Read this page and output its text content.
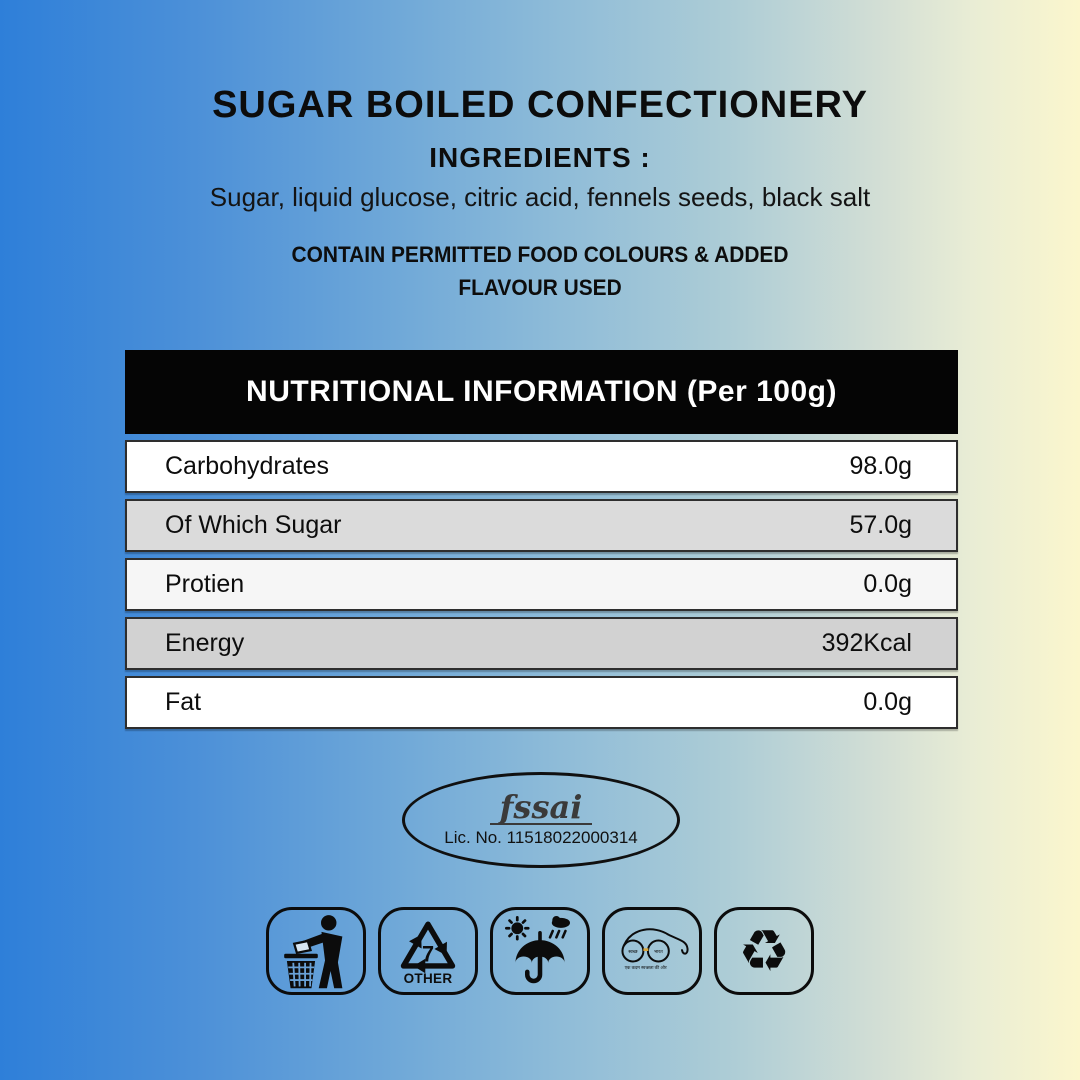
SUGAR BOILED CONFECTIONERY
INGREDIENTS :
Sugar, liquid glucose, citric acid, fennels seeds, black salt
CONTAIN PERMITTED FOOD COLOURS & ADDED
FLAVOUR USED
NUTRITIONAL INFORMATION (Per 100g)
Carbohydrates	98.0g
Of Which Sugar	57.0g
Protien	0.0g
Energy	392Kcal
Fat	0.0g
fssai
Lic. No. 11518022000314
7
OTHER
स्वच्छ	भारत
एक कदम स्वच्छता की ओर ♻
